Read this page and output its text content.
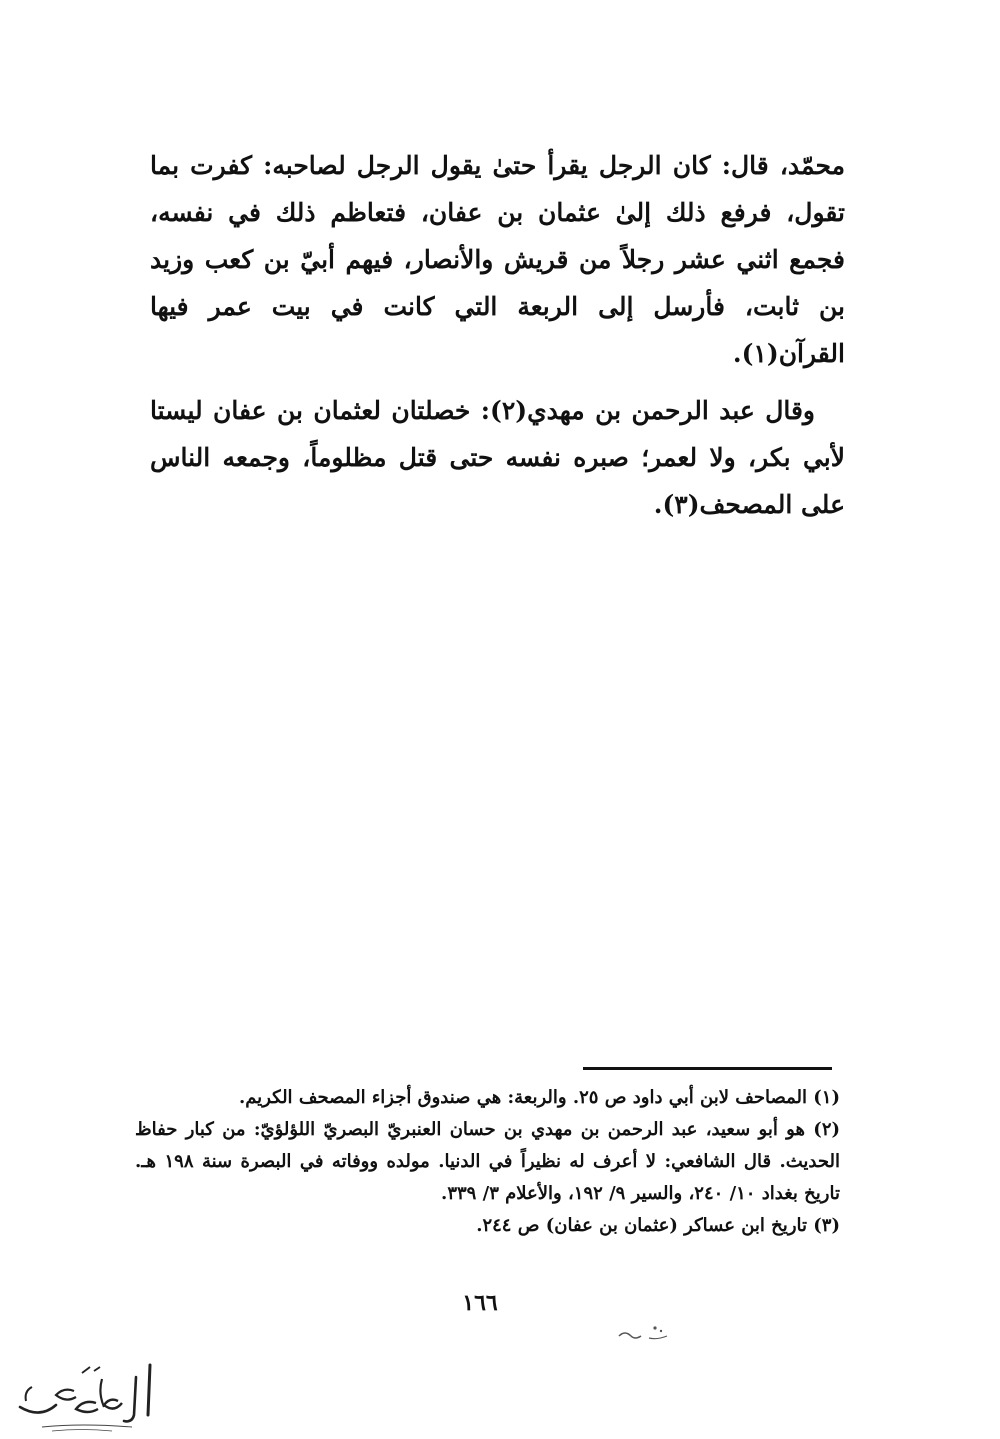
محمّد، قال: كان الرجل يقرأ حتىٰ يقول الرجل لصاحبه: كفرت بما تقول، فرفع ذلك إلىٰ عثمان بن عفان، فتعاظم ذلك في نفسه، فجمع اثني عشر رجلاً من قريش والأنصار، فيهم أبيّ بن كعب وزيد بن ثابت، فأرسل إلى الربعة التي كانت في بيت عمر فيها القرآن(١).

وقال عبد الرحمن بن مهدي(٢): خصلتان لعثمان بن عفان ليستا لأبي بكر، ولا لعمر؛ صبره نفسه حتى قتل مظلوماً، وجمعه الناس على المصحف(٣).

(١) المصاحف لابن أبي داود ص ٢٥. والربعة: هي صندوق أجزاء المصحف الكريم.

(٢) هو أبو سعيد، عبد الرحمن بن مهدي بن حسان العنبريّ البصريّ اللؤلؤيّ: من كبار حفاظ الحديث. قال الشافعي: لا أعرف له نظيراً في الدنيا. مولده ووفاته في البصرة سنة ١٩٨ هـ. تاريخ بغداد ١٠/ ٢٤٠، والسير ٩/ ١٩٢، والأعلام ٣/ ٣٣٩.

(٣) تاريخ ابن عساكر (عثمان بن عفان) ص ٢٤٤.

١٦٦
